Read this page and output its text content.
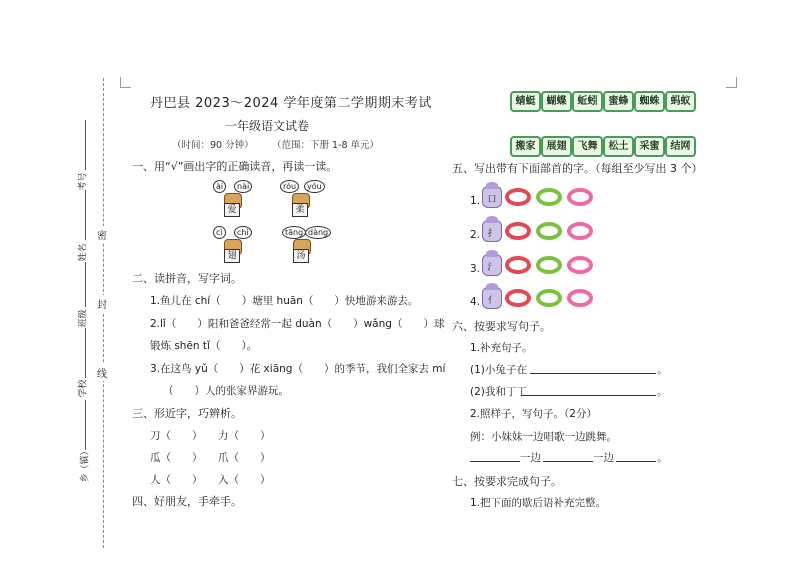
密
封
线
考号
姓名
班级
学校
乡（镇）
丹巴县 2023～2024 学年度第二学期期末考试
一年级语文试卷
（时间：90 分钟） （范围：下册 1-8 单元）
一、用“√”画出字的正确读音，再读一读。
ài	nài
爱
róu	yóu
柔
cì	chì
翅
tāng dàng
汤
二、读拼音，写字词。
1.鱼儿在 chí（　　）塘里 huān（　　）快地游来游去。
2.lǐ（　　）阳和爸爸经常一起 duàn（　　）wǎng（　　）球
锻炼 shēn tǐ（　　）。
3.在这鸟 yǔ（　　）花 xiāng（　　）的季节，我们全家去 mí
（　　）人的张家界游玩。
三、形近字，巧辨析。
刀（　　） 力（　　）
瓜（　　） 爪（　　）
人（　　） 入（　　）
四、好朋友，手牵手。
蜻蜓	蝴蝶	蚯蚓	蜜蜂	蜘蛛	蚂蚁
搬家	展翅	飞舞	松土	采蜜	结网
五、写出带有下面部首的字。（每组至少写出 3 个）
1. 口
2. 扌
3. 氵
4. 亻
六、按要求写句子。
1.补充句子。
(1)小兔子在	。
(2)我和丁丁	。
2.照样子，写句子。（2分）
例：小妹妹一边唱歌一边跳舞。
一边	一边	。
七、按要求完成句子。
1.把下面的歇后语补充完整。
